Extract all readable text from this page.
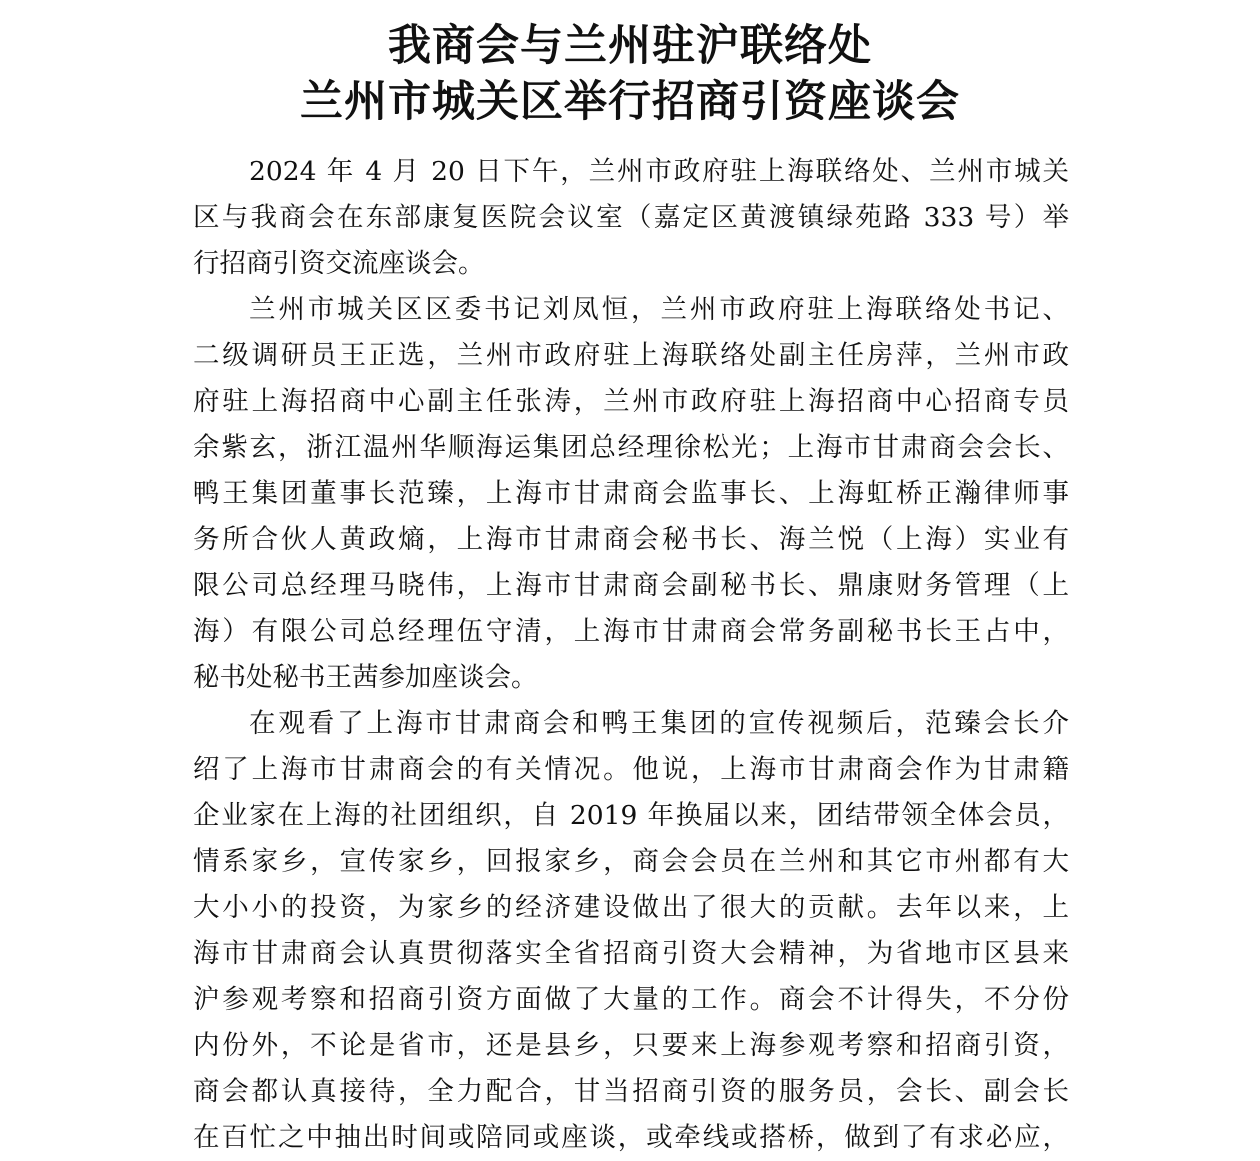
我商会与兰州驻沪联络处
兰州市城关区举行招商引资座谈会
2024 年 4 月 20 日下午，兰州市政府驻上海联络处、兰州市城关
区与我商会在东部康复医院会议室（嘉定区黄渡镇绿苑路 333 号）举
行招商引资交流座谈会。
兰州市城关区区委书记刘凤恒，兰州市政府驻上海联络处书记、
二级调研员王正选，兰州市政府驻上海联络处副主任房萍，兰州市政
府驻上海招商中心副主任张涛，兰州市政府驻上海招商中心招商专员
余紫玄，浙江温州华顺海运集团总经理徐松光；上海市甘肃商会会长、
鸭王集团董事长范臻，上海市甘肃商会监事长、上海虹桥正瀚律师事
务所合伙人黄政熵，上海市甘肃商会秘书长、海兰悦（上海）实业有
限公司总经理马晓伟，上海市甘肃商会副秘书长、鼎康财务管理（上
海）有限公司总经理伍守清，上海市甘肃商会常务副秘书长王占中，
秘书处秘书王茜参加座谈会。
在观看了上海市甘肃商会和鸭王集团的宣传视频后，范臻会长介
绍了上海市甘肃商会的有关情况。他说，上海市甘肃商会作为甘肃籍
企业家在上海的社团组织，自 2019 年换届以来，团结带领全体会员，
情系家乡，宣传家乡，回报家乡，商会会员在兰州和其它市州都有大
大小小的投资，为家乡的经济建设做出了很大的贡献。去年以来，上
海市甘肃商会认真贯彻落实全省招商引资大会精神，为省地市区县来
沪参观考察和招商引资方面做了大量的工作。商会不计得失，不分份
内份外，不论是省市，还是县乡，只要来上海参观考察和招商引资，
商会都认真接待，全力配合，甘当招商引资的服务员，会长、副会长
在百忙之中抽出时间或陪同或座谈，或牵线或搭桥，做到了有求必应，
